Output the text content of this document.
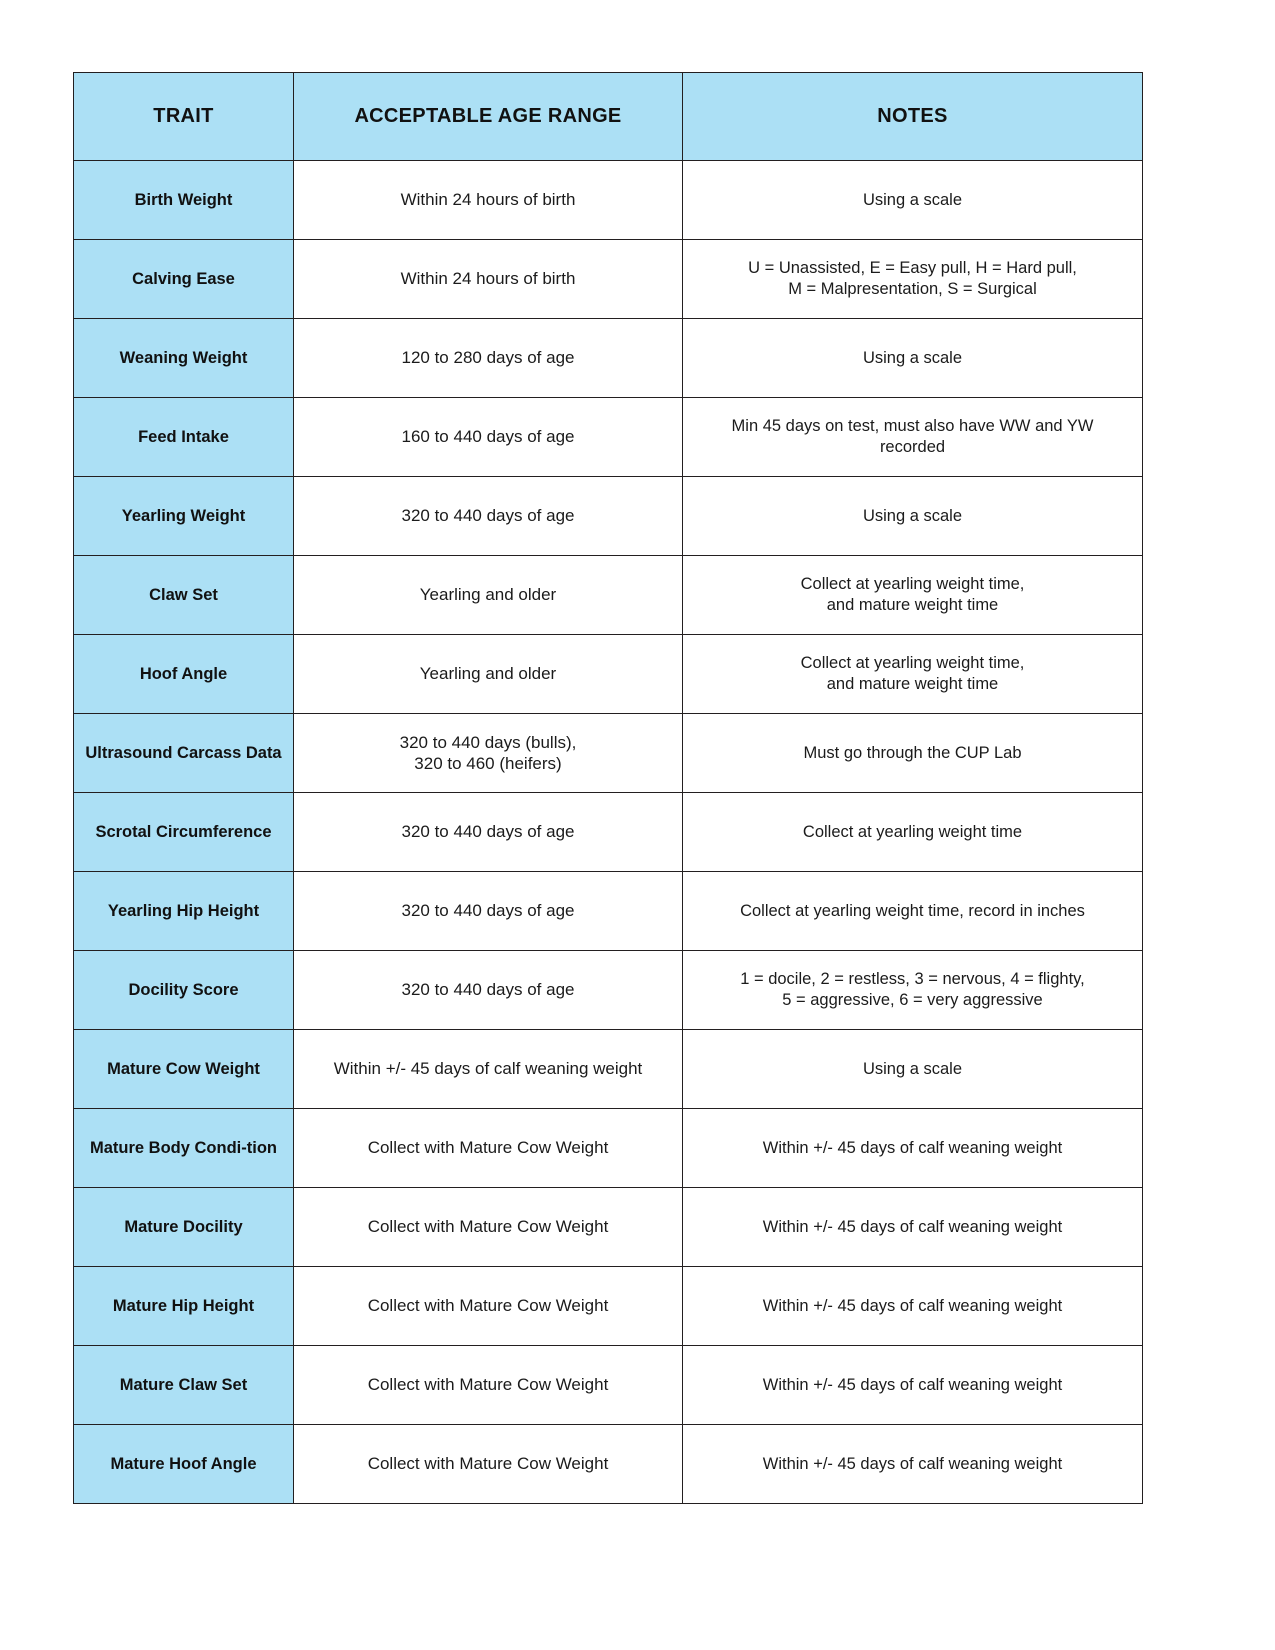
TRAIT	ACCEPTABLE AGE RANGE	NOTES
Birth Weight	Within 24 hours of birth	Using a scale

Calving Ease	Within 24 hours of birth	U = Unassisted, E = Easy pull, H = Hard pull,
M = Malpresentation, S = Surgical

Weaning Weight	120 to 280 days of age	Using a scale

Feed Intake	160 to 440 days of age	Min 45 days on test, must also have WW and YW
recorded

Yearling Weight	320 to 440 days of age	Using a scale

Claw Set	Yearling and older	Collect at yearling weight time,
and mature weight time

Hoof Angle	Yearling and older	Collect at yearling weight time,
and mature weight time

Ultrasound Carcass Data	320 to 440 days (bulls),
320 to 460 (heifers)	Must go through the CUP Lab

Scrotal Circumference	320 to 440 days of age	Collect at yearling weight time

Yearling Hip Height	320 to 440 days of age	Collect at yearling weight time, record in inches

Docility Score	320 to 440 days of age	1 = docile, 2 = restless, 3 = nervous, 4 = flighty,
5 = aggressive, 6 = very aggressive

Mature Cow Weight	Within +/- 45 days of calf weaning weight	Using a scale

Mature Body Condi-tion	Collect with Mature Cow Weight	Within +/- 45 days of calf weaning weight

Mature Docility	Collect with Mature Cow Weight	Within +/- 45 days of calf weaning weight

Mature Hip Height	Collect with Mature Cow Weight	Within +/- 45 days of calf weaning weight

Mature Claw Set	Collect with Mature Cow Weight	Within +/- 45 days of calf weaning weight

Mature Hoof Angle	Collect with Mature Cow Weight	Within +/- 45 days of calf weaning weight
